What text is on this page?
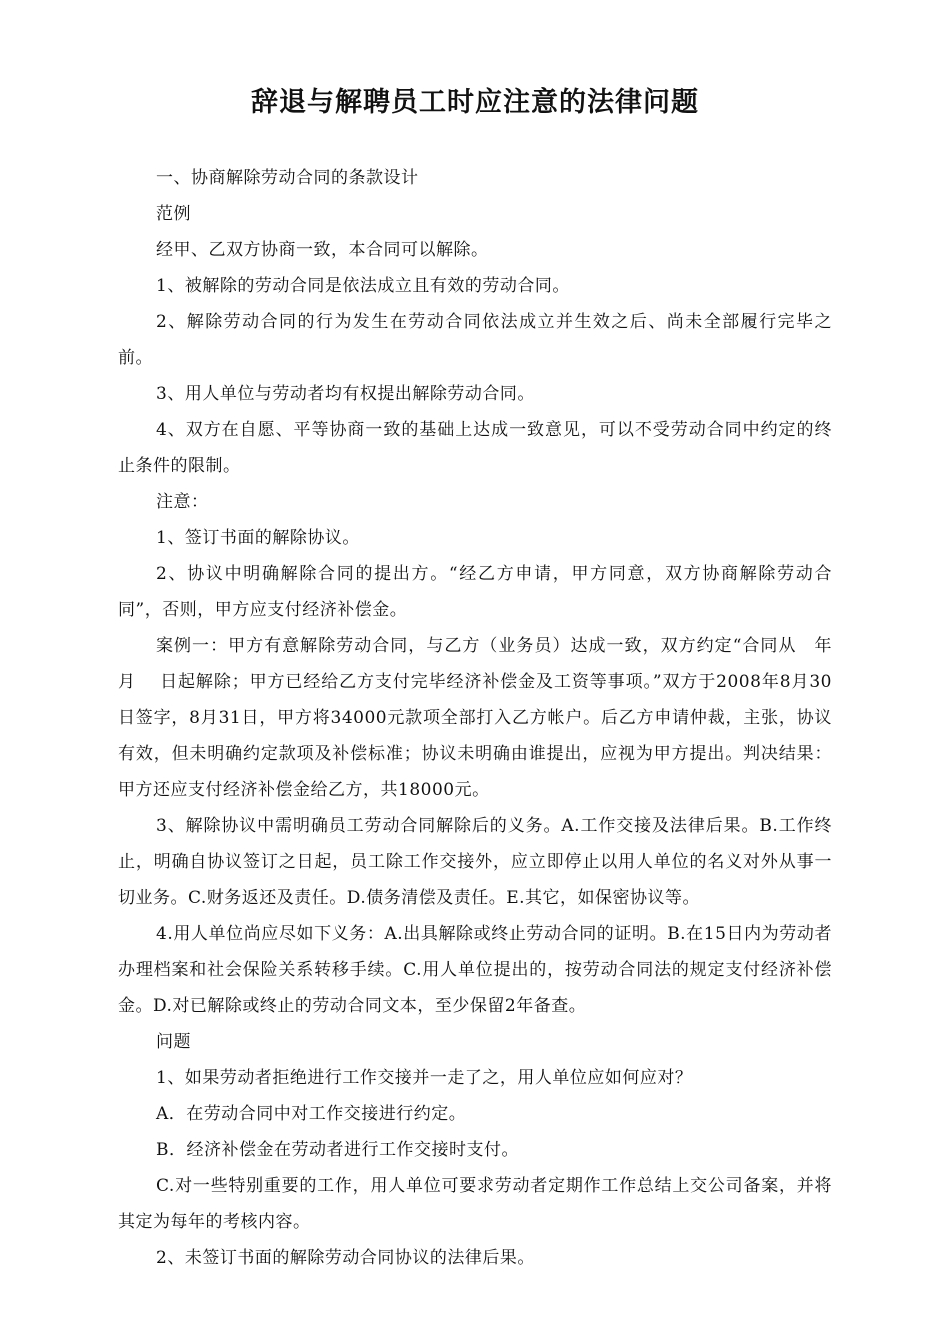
辞退与解聘员工时应注意的法律问题

一、协商解除劳动合同的条款设计

范例

经甲、乙双方协商一致，本合同可以解除。

1、被解除的劳动合同是依法成立且有效的劳动合同。

2、解除劳动合同的行为发生在劳动合同依法成立并生效之后、尚未全部履行完毕之前。

3、用人单位与劳动者均有权提出解除劳动合同。

4、双方在自愿、平等协商一致的基础上达成一致意见，可以不受劳动合同中约定的终止条件的限制。

注意：

1、签订书面的解除协议。

2、协议中明确解除合同的提出方。“经乙方申请，甲方同意，双方协商解除劳动合同”，否则，甲方应支付经济补偿金。

案例一：甲方有意解除劳动合同，与乙方（业务员）达成一致，双方约定“合同从　年　 月　 日起解除；甲方已经给乙方支付完毕经济补偿金及工资等事项。”双方于2008年8月30日签字，8月31日，甲方将34000元款项全部打入乙方帐户。后乙方申请仲裁，主张，协议有效，但未明确约定款项及补偿标准；协议未明确由谁提出，应视为甲方提出。判决结果：甲方还应支付经济补偿金给乙方，共18000元。

3、解除协议中需明确员工劳动合同解除后的义务。A.工作交接及法律后果。B.工作终止，明确自协议签订之日起，员工除工作交接外，应立即停止以用人单位的名义对外从事一切业务。C.财务返还及责任。D.债务清偿及责任。E.其它，如保密协议等。

4.用人单位尚应尽如下义务：A.出具解除或终止劳动合同的证明。B.在15日内为劳动者办理档案和社会保险关系转移手续。C.用人单位提出的，按劳动合同法的规定支付经济补偿金。D.对已解除或终止的劳动合同文本，至少保留2年备查。

问题

1、如果劳动者拒绝进行工作交接并一走了之，用人单位应如何应对？

A．在劳动合同中对工作交接进行约定。

B．经济补偿金在劳动者进行工作交接时支付。

C.对一些特别重要的工作，用人单位可要求劳动者定期作工作总结上交公司备案，并将其定为每年的考核内容。

2、未签订书面的解除劳动合同协议的法律后果。
